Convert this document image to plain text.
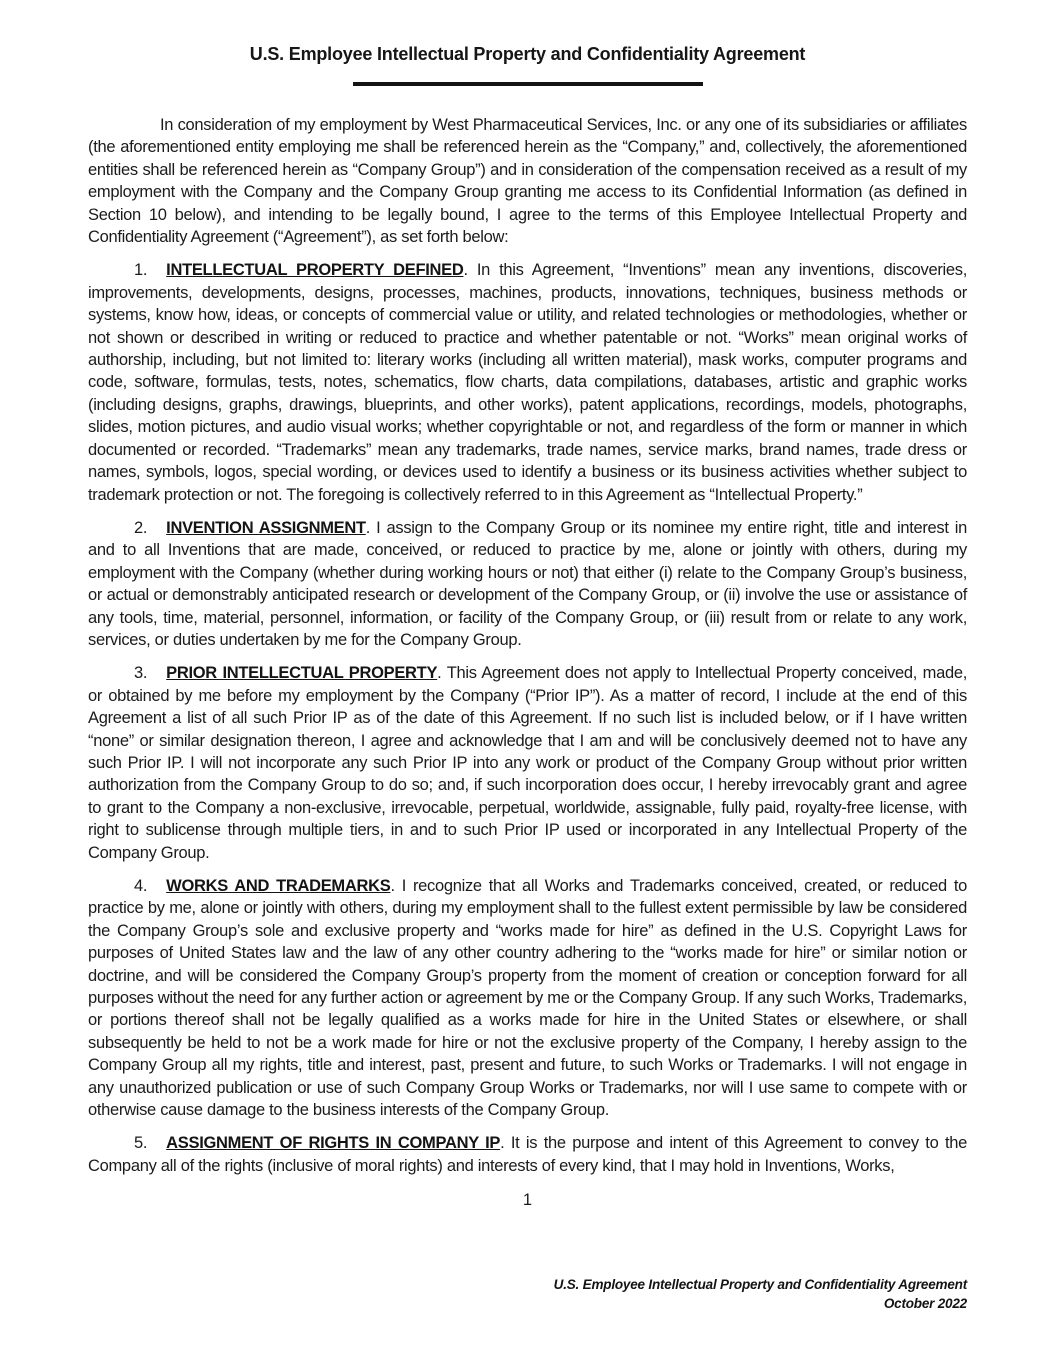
U.S. Employee Intellectual Property and Confidentiality Agreement

In consideration of my employment by West Pharmaceutical Services, Inc. or any one of its subsidiaries or affiliates (the aforementioned entity employing me shall be referenced herein as the “Company,” and, collectively, the aforementioned entities shall be referenced herein as “Company Group”) and in consideration of the compensation received as a result of my employment with the Company and the Company Group granting me access to its Confidential Information (as defined in Section 10 below), and intending to be legally bound, I agree to the terms of this Employee Intellectual Property and Confidentiality Agreement (“Agreement”), as set forth below:

1. INTELLECTUAL PROPERTY DEFINED. In this Agreement, “Inventions” mean any inventions, discoveries, improvements, developments, designs, processes, machines, products, innovations, techniques, business methods or systems, know how, ideas, or concepts of commercial value or utility, and related technologies or methodologies, whether or not shown or described in writing or reduced to practice and whether patentable or not. “Works” mean original works of authorship, including, but not limited to: literary works (including all written material), mask works, computer programs and code, software, formulas, tests, notes, schematics, flow charts, data compilations, databases, artistic and graphic works (including designs, graphs, drawings, blueprints, and other works), patent applications, recordings, models, photographs, slides, motion pictures, and audio visual works; whether copyrightable or not, and regardless of the form or manner in which documented or recorded. “Trademarks” mean any trademarks, trade names, service marks, brand names, trade dress or names, symbols, logos, special wording, or devices used to identify a business or its business activities whether subject to trademark protection or not. The foregoing is collectively referred to in this Agreement as “Intellectual Property.”

2. INVENTION ASSIGNMENT. I assign to the Company Group or its nominee my entire right, title and interest in and to all Inventions that are made, conceived, or reduced to practice by me, alone or jointly with others, during my employment with the Company (whether during working hours or not) that either (i) relate to the Company Group’s business, or actual or demonstrably anticipated research or development of the Company Group, or (ii) involve the use or assistance of any tools, time, material, personnel, information, or facility of the Company Group, or (iii) result from or relate to any work, services, or duties undertaken by me for the Company Group.

3. PRIOR INTELLECTUAL PROPERTY. This Agreement does not apply to Intellectual Property conceived, made, or obtained by me before my employment by the Company (“Prior IP”). As a matter of record, I include at the end of this Agreement a list of all such Prior IP as of the date of this Agreement. If no such list is included below, or if I have written “none” or similar designation thereon, I agree and acknowledge that I am and will be conclusively deemed not to have any such Prior IP. I will not incorporate any such Prior IP into any work or product of the Company Group without prior written authorization from the Company Group to do so; and, if such incorporation does occur, I hereby irrevocably grant and agree to grant to the Company a non-exclusive, irrevocable, perpetual, worldwide, assignable, fully paid, royalty-free license, with right to sublicense through multiple tiers, in and to such Prior IP used or incorporated in any Intellectual Property of the Company Group.

4. WORKS AND TRADEMARKS. I recognize that all Works and Trademarks conceived, created, or reduced to practice by me, alone or jointly with others, during my employment shall to the fullest extent permissible by law be considered the Company Group’s sole and exclusive property and “works made for hire” as defined in the U.S. Copyright Laws for purposes of United States law and the law of any other country adhering to the “works made for hire” or similar notion or doctrine, and will be considered the Company Group’s property from the moment of creation or conception forward for all purposes without the need for any further action or agreement by me or the Company Group. If any such Works, Trademarks, or portions thereof shall not be legally qualified as a works made for hire in the United States or elsewhere, or shall subsequently be held to not be a work made for hire or not the exclusive property of the Company, I hereby assign to the Company Group all my rights, title and interest, past, present and future, to such Works or Trademarks. I will not engage in any unauthorized publication or use of such Company Group Works or Trademarks, nor will I use same to compete with or otherwise cause damage to the business interests of the Company Group.

5. ASSIGNMENT OF RIGHTS IN COMPANY IP. It is the purpose and intent of this Agreement to convey to the Company all of the rights (inclusive of moral rights) and interests of every kind, that I may hold in Inventions, Works,

1
U.S. Employee Intellectual Property and Confidentiality Agreement
October 2022
